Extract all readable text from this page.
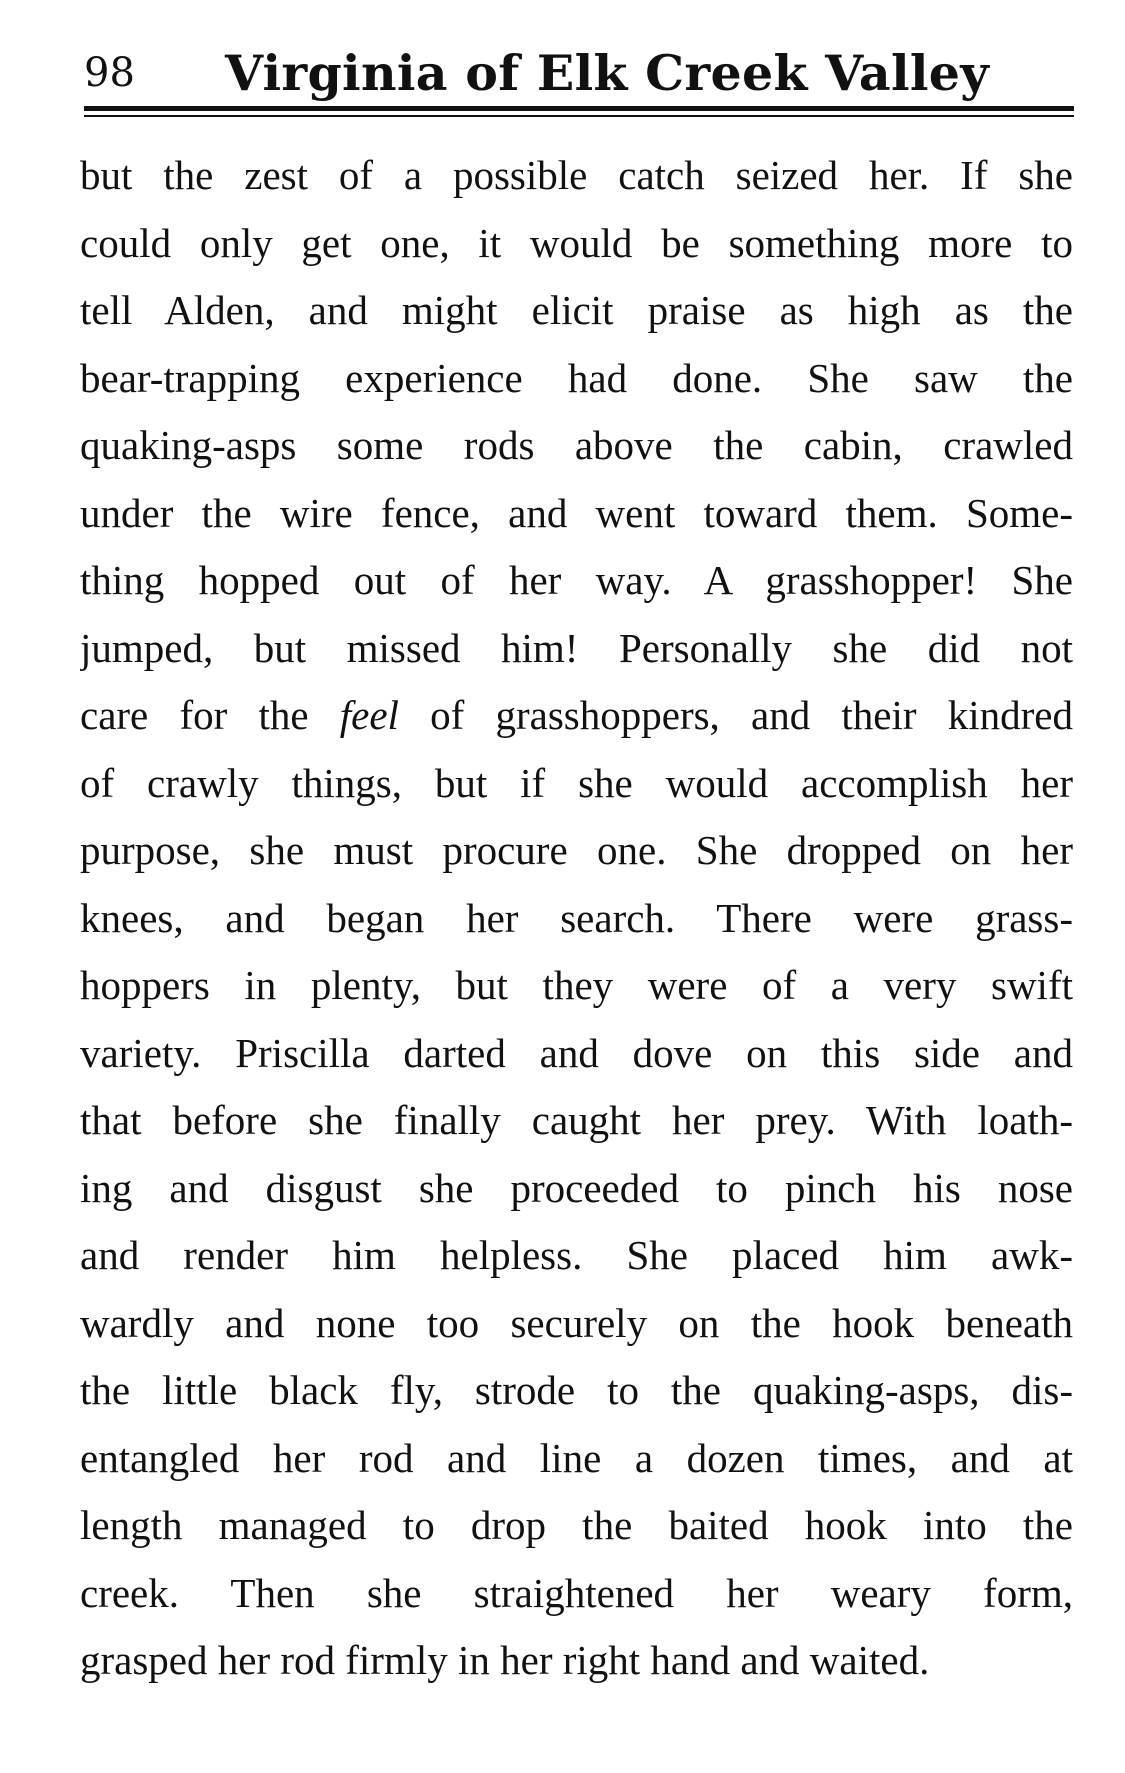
98 Virginia of Elk Creek Valley
but the zest of a possible catch seized her. If she
could only get one, it would be something more to
tell Alden, and might elicit praise as high as the
bear-trapping experience had done. She saw the
quaking-asps some rods above the cabin, crawled
under the wire fence, and went toward them. Some-
thing hopped out of her way. A grasshopper! She
jumped, but missed him! Personally she did not
care for the feel of grasshoppers, and their kindred
of crawly things, but if she would accomplish her
purpose, she must procure one. She dropped on her
knees, and began her search. There were grass-
hoppers in plenty, but they were of a very swift
variety. Priscilla darted and dove on this side and
that before she finally caught her prey. With loath-
ing and disgust she proceeded to pinch his nose
and render him helpless. She placed him awk-
wardly and none too securely on the hook beneath
the little black fly, strode to the quaking-asps, dis-
entangled her rod and line a dozen times, and at
length managed to drop the baited hook into the
creek. Then she straightened her weary form,
grasped her rod firmly in her right hand and waited.
